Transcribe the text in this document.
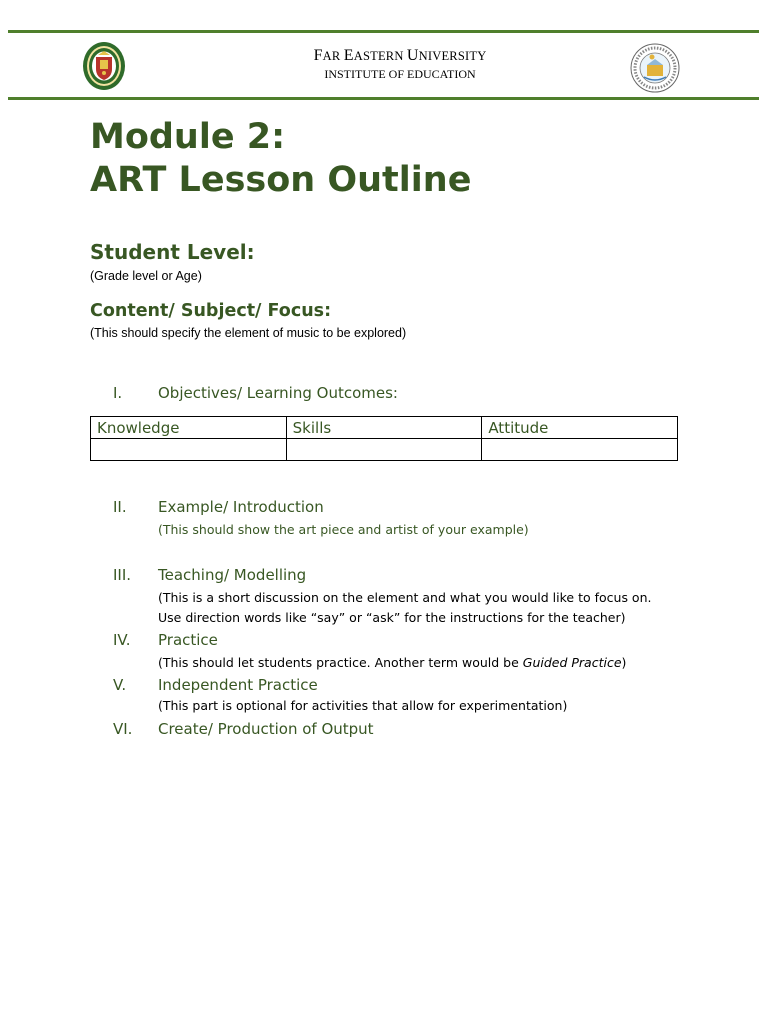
FAR EASTERN UNIVERSITY
INSTITUTE OF EDUCATION
Module 2:
ART Lesson Outline
Student Level:
(Grade level or Age)
Content/ Subject/ Focus:
(This should specify the element of music to be explored)
I. Objectives/ Learning Outcomes:
Knowledge	Skills	Attitude

II. Example/ Introduction
(This should show the art piece and artist of your example)
III. Teaching/ Modelling
(This is a short discussion on the element and what you would like to focus on. Use direction words like “say” or “ask” for the instructions for the teacher)
IV. Practice
(This should let students practice. Another term would be Guided Practice)
V. Independent Practice
(This part is optional for activities that allow for experimentation)
VI. Create/ Production of Output
